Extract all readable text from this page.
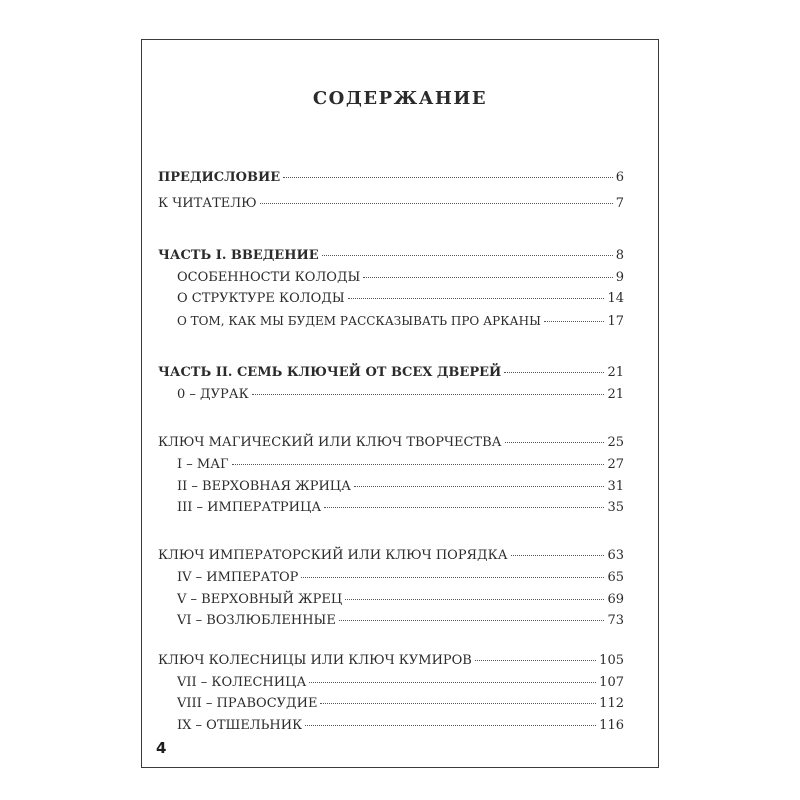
СОДЕРЖАНИЕ
ПРЕДИСЛОВИЕ	6
К ЧИТАТЕЛЮ	7
ЧАСТЬ I. ВВЕДЕНИЕ	8
ОСОБЕННОСТИ КОЛОДЫ	9
О СТРУКТУРЕ КОЛОДЫ	14
О ТОМ, КАК МЫ БУДЕМ РАССКАЗЫВАТЬ ПРО АРКАНЫ	17
ЧАСТЬ II. СЕМЬ КЛЮЧЕЙ ОТ ВСЕХ ДВЕРЕЙ	21
0 – ДУРАК	21
КЛЮЧ МАГИЧЕСКИЙ ИЛИ КЛЮЧ ТВОРЧЕСТВА	25
I – МАГ	27
II – ВЕРХОВНАЯ ЖРИЦА	31
III – ИМПЕРАТРИЦА	35
КЛЮЧ ИМПЕРАТОРСКИЙ ИЛИ КЛЮЧ ПОРЯДКА	63
IV – ИМПЕРАТОР	65
V – ВЕРХОВНЫЙ ЖРЕЦ	69
VI – ВОЗЛЮБЛЕННЫЕ	73
КЛЮЧ КОЛЕСНИЦЫ ИЛИ КЛЮЧ КУМИРОВ	105
VII – КОЛЕСНИЦА	107
VIII – ПРАВОСУДИЕ	112
IX – ОТШЕЛЬНИК	116
4
